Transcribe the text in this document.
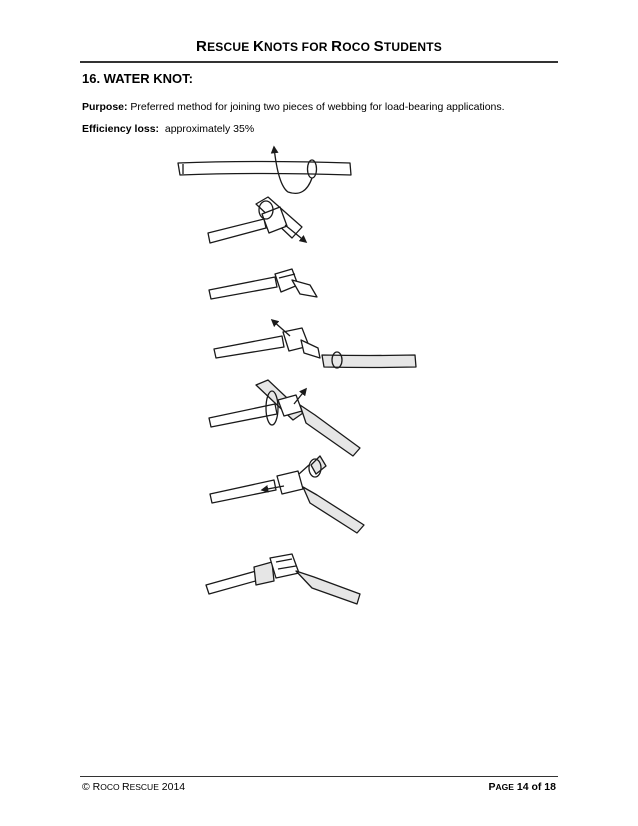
RESCUE KNOTS FOR ROCO STUDENTS
16. WATER KNOT:
Purpose: Preferred method for joining two pieces of webbing for load-bearing applications.
Efficiency loss:  approximately 35%
© ROCO RESCUE 2014	PAGE 14 of 18
